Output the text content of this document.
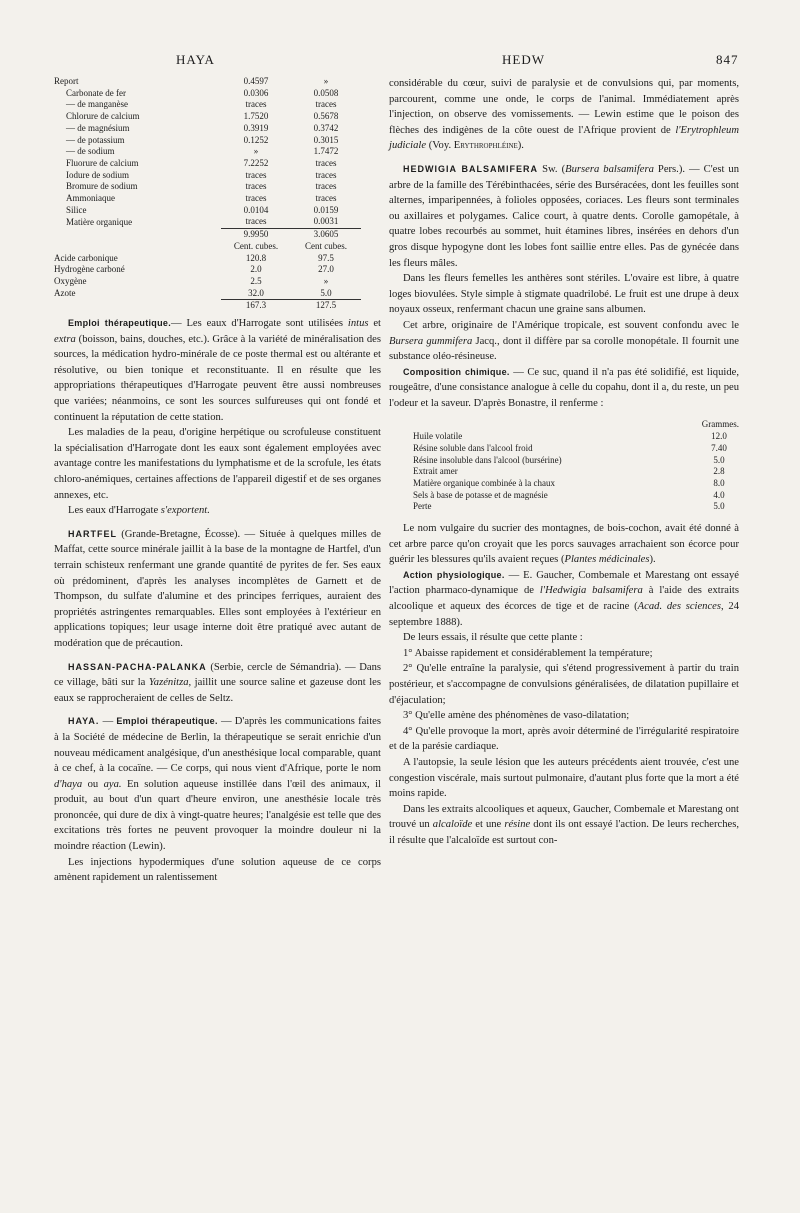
HAYA	HEDW	847
Report	0.4597	»
Carbonate de fer	0.0306	0.0508
— de manganèse	traces	traces
Chlorure de calcium	1.7520	0.5678
— de magnésium	0.3919	0.3742
— de potassium	0.1252	0.3015
— de sodium	»	1.7472
Fluorure de calcium	7.2252	traces
Iodure de sodium	traces	traces
Bromure de sodium	traces	traces
Ammoniaque	traces	traces
Silice	0.0104	0.0159
Matière organique	traces	0.0031
	9.9950	3.0605
	Cent. cubes.	Cent cubes.
Acide carbonique	120.8	97.5
Hydrogène carboné	2.0	27.0
Oxygène	2.5	»
Azote	32.0	5.0
	167.3	127.5

Emploi thérapeutique.— Les eaux d'Harrogate sont utilisées intus et extra (boisson, bains, douches, etc.). Grâce à la variété de minéralisation des sources, la médication hydro-minérale de ce poste thermal est ou altérante et résolutive, ou bien tonique et reconstituante. Il en résulte que les appropriations thérapeutiques d'Harrogate peuvent être aussi nombreuses que variées; néanmoins, ce sont les sources sulfureuses qui ont fondé et continuent la réputation de cette station.

Les maladies de la peau, d'origine herpétique ou scrofuleuse constituent la spécialisation d'Harrogate dont les eaux sont également employées avec avantage contre les manifestations du lymphatisme et de la scrofule, les états chloro-anémiques, certaines affections de l'appareil digestif et de ses organes annexes, etc.

Les eaux d'Harrogate s'exportent.

HARTFEL (Grande-Bretagne, Écosse). — Située à quelques milles de Maffat, cette source minérale jaillit à la base de la montagne de Hartfel, d'un terrain schisteux renfermant une grande quantité de pyrites de fer. Ses eaux où prédominent, d'après les analyses incomplètes de Garnett et de Thompson, du sulfate d'alumine et des principes ferriques, auraient des propriétés astringentes remarquables. Elles sont employées à l'extérieur en applications topiques; leur usage interne doit être pratiqué avec autant de modération que de précaution.

HASSAN-PACHA-PALANKA (Serbie, cercle de Sémandria). — Dans ce village, bâti sur la Yazénitza, jaillit une source saline et gazeuse dont les eaux se rapprocheraient de celles de Seltz.

HAYA. — Emploi thérapeutique. — D'après les communications faites à la Société de médecine de Berlin, la thérapeutique se serait enrichie d'un nouveau médicament analgésique, d'un anesthésique local comparable, quant à ce chef, à la cocaïne. — Ce corps, qui nous vient d'Afrique, porte le nom d'haya ou aya. En solution aqueuse instillée dans l'œil des animaux, il produit, au bout d'un quart d'heure environ, une anesthésie locale très prononcée, qui dure de dix à vingt-quatre heures; l'analgésie est telle que des excitations très fortes ne peuvent provoquer la moindre douleur ni la moindre réaction (Lewin).

Les injections hypodermiques d'une solution aqueuse de ce corps amènent rapidement un ralentissement

considérable du cœur, suivi de paralysie et de convulsions qui, par moments, parcourent, comme une onde, le corps de l'animal. Immédiatement après l'injection, on observe des vomissements. — Lewin estime que le poison des flèches des indigènes de la côte ouest de l'Afrique provient de l'Erytrophleum judiciale (Voy. Erythrophléine).

HEDWIGIA BALSAMIFERA Sw. (Bursera balsamifera Pers.). — C'est un arbre de la famille des Térébinthacées, série des Burséracées, dont les feuilles sont alternes, imparipennées, à folioles opposées, coriaces. Les fleurs sont terminales ou axillaires et polygames. Calice court, à quatre dents. Corolle gamopétale, à quatre lobes recourbés au sommet, huit étamines libres, insérées en dehors d'un gros disque hypogyne dont les lobes font saillie entre elles. Pas de gynécée dans les fleurs mâles.

Dans les fleurs femelles les anthères sont stériles. L'ovaire est libre, à quatre loges biovulées. Style simple à stigmate quadrilobé. Le fruit est une drupe à deux noyaux osseux, renfermant chacun une graine sans albumen.

Cet arbre, originaire de l'Amérique tropicale, est souvent confondu avec le Bursera gummifera Jacq., dont il diffère par sa corolle monopétale. Il fournit une substance oléo-résineuse.

Composition chimique. — Ce suc, quand il n'a pas été solidifié, est liquide, rougeâtre, d'une consistance analogue à celle du copahu, dont il a, du reste, un peu l'odeur et la saveur. D'après Bonastre, il renferme :

Grammes.	
Huile volatile	12.0
Résine soluble dans l'alcool froid	7.40
Résine insoluble dans l'alcool (bursérine)	5.0
Extrait amer	2.8
Matière organique combinée à la chaux	8.0
Sels à base de potasse et de magnésie	4.0
Perte	5.0

Le nom vulgaire du sucrier des montagnes, de bois-cochon, avait été donné à cet arbre parce qu'on croyait que les porcs sauvages arrachaient son écorce pour guérir les blessures qu'ils avaient reçues (Plantes médicinales).

Action physiologique. — E. Gaucher, Combemale et Marestang ont essayé l'action pharmaco-dynamique de l'Hedwigia balsamifera à l'aide des extraits alcoolique et aqueux des écorces de tige et de racine (Acad. des sciences, 24 septembre 1888).

De leurs essais, il résulte que cette plante :

1° Abaisse rapidement et considérablement la température;

2° Qu'elle entraîne la paralysie, qui s'étend progressivement à partir du train postérieur, et s'accompagne de convulsions généralisées, de dilatation pupillaire et d'éjaculation;

3° Qu'elle amène des phénomènes de vaso-dilatation;

4° Qu'elle provoque la mort, après avoir déterminé de l'irrégularité respiratoire et de la parésie cardiaque.

A l'autopsie, la seule lésion que les auteurs précédents aient trouvée, c'est une congestion viscérale, mais surtout pulmonaire, d'autant plus forte que la mort a été moins rapide.

Dans les extraits alcooliques et aqueux, Gaucher, Combemale et Marestang ont trouvé un alcaloïde et une résine dont ils ont essayé l'action. De leurs recherches, il résulte que l'alcaloïde est surtout con-
